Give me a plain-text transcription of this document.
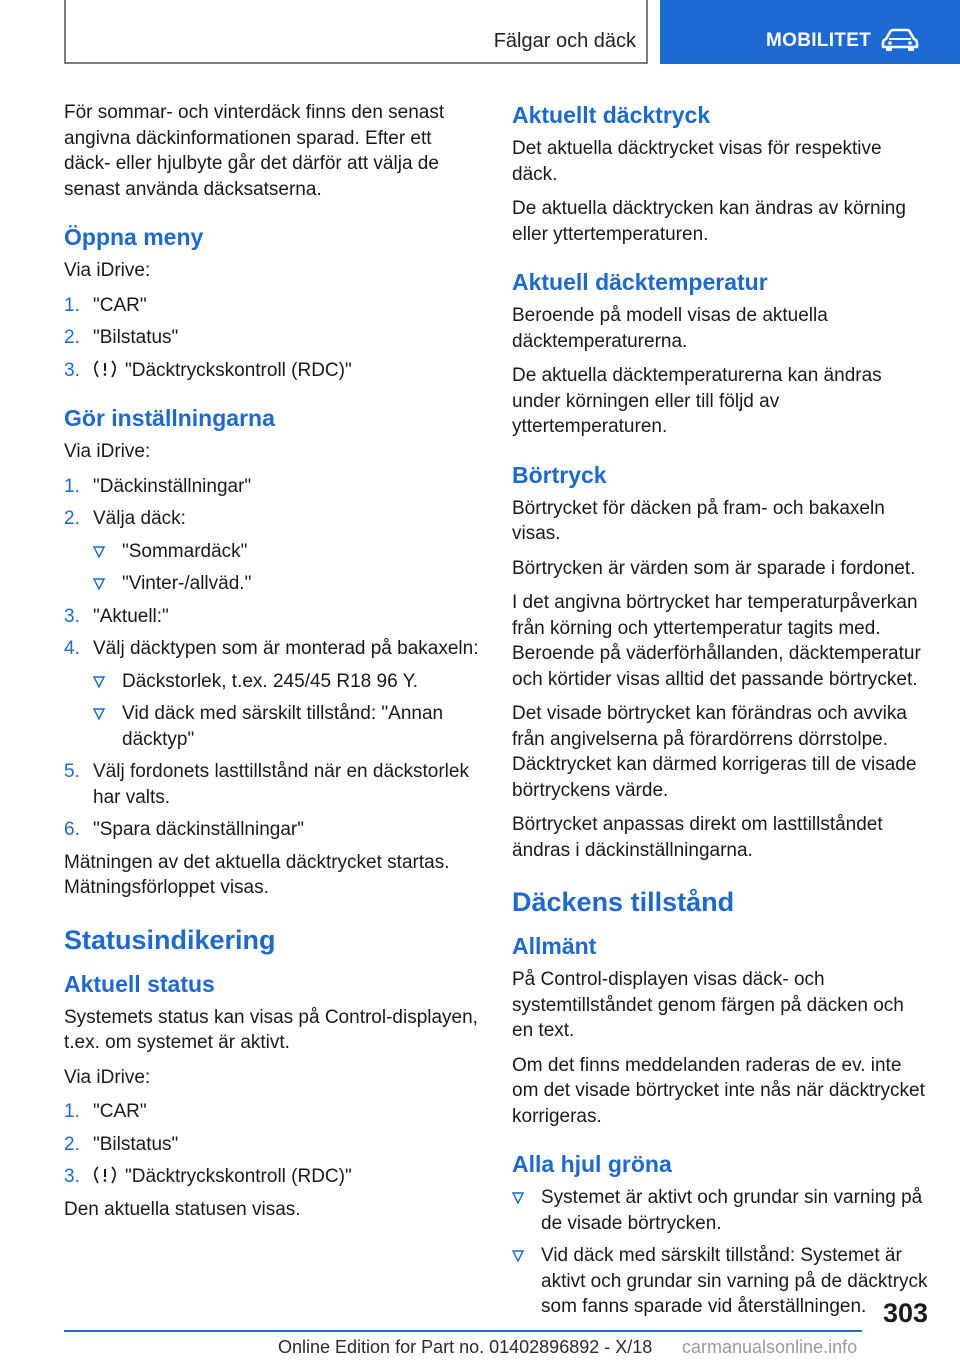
Fälgar och däck	MOBILITET

För sommar- och vinterdäck finns den senast angivna däckinformationen sparad. Efter ett däck- eller hjulbyte går det därför att välja de senast använda däcksatserna.

Öppna meny

Via iDrive:

1. "CAR"
2. "Bilstatus"
3. "Däcktryckskontroll (RDC)"
Gör inställningarna

Via iDrive:

1. "Däckinställningar"
2. Välja däck:
"Sommardäck"
"Vinter-/allväd."
3. "Aktuell:"
4. Välj däcktypen som är monterad på bakaxeln:
Däckstorlek, t.ex. 245/45 R18 96 Y.
Vid däck med särskilt tillstånd: "Annan däcktyp"
5. Välj fordonets lasttillstånd när en däckstorlek har valts.
6. "Spara däckinställningar"

Mätningen av det aktuella däcktrycket startas.
Mätningsförloppet visas.

Statusindikering
Aktuell status

Systemets status kan visas på Control-displayen, t.ex. om systemet är aktivt.

Via iDrive:

1. "CAR"
2. "Bilstatus"
3. "Däcktryckskontroll (RDC)"

Den aktuella statusen visas.

Aktuellt däcktryck

Det aktuella däcktrycket visas för respektive däck.

De aktuella däcktrycken kan ändras av körning eller yttertemperaturen.

Aktuell däcktemperatur

Beroende på modell visas de aktuella däcktemperaturerna.

De aktuella däcktemperaturerna kan ändras under körningen eller till följd av yttertemperaturen.

Börtryck

Börtrycket för däcken på fram- och bakaxeln visas.

Börtrycken är värden som är sparade i fordonet.

I det angivna börtrycket har temperaturpåverkan från körning och yttertemperatur tagits med. Beroende på väderförhållanden, däcktemperatur och körtider visas alltid det passande börtrycket.

Det visade börtrycket kan förändras och avvika från angivelserna på förardörrens dörrstolpe. Däcktrycket kan därmed korrigeras till de visade börtryckens värde.

Börtrycket anpassas direkt om lasttillståndet ändras i däckinställningarna.

Däckens tillstånd
Allmänt

På Control-displayen visas däck- och systemtillståndet genom färgen på däcken och en text.

Om det finns meddelanden raderas de ev. inte om det visade börtrycket inte nås när däcktrycket korrigeras.

Alla hjul gröna
Systemet är aktivt och grundar sin varning på de visade börtrycken.
Vid däck med särskilt tillstånd: Systemet är aktivt och grundar sin varning på de däcktryck som fanns sparade vid återställningen. 303
Online Edition for Part no. 01402896892 - X/18 carmanualsonline.info
